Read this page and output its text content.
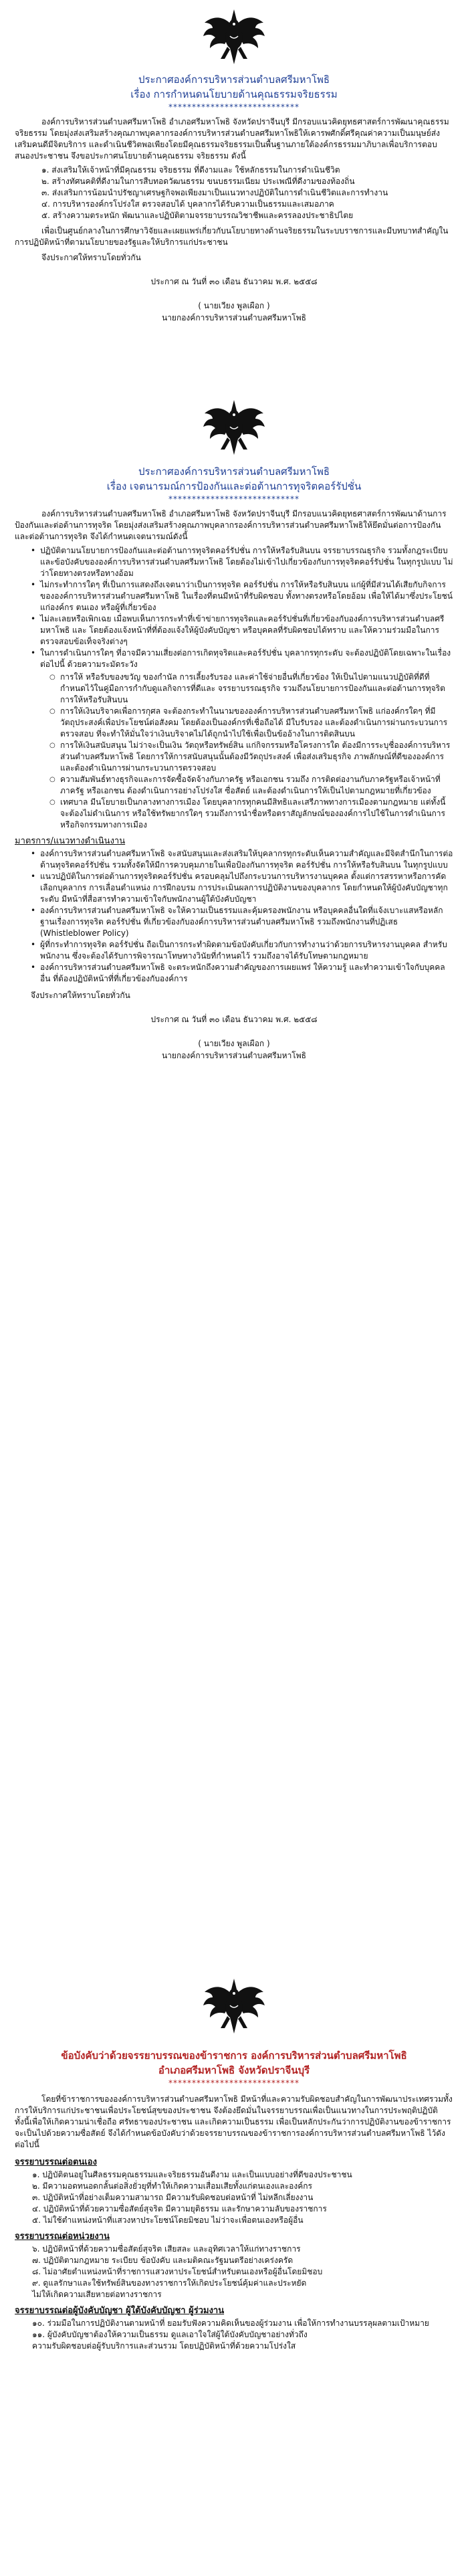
ประกาศองค์การบริหารส่วนตำบลศรีมหาโพธิ
เรื่อง การกำหนดนโยบายด้านคุณธรรมจริยธรรม
****************************

องค์การบริหารส่วนตำบลศรีมหาโพธิ อำเภอศรีมหาโพธิ จังหวัดปราจีนบุรี มีกรอบแนวคิดยุทธศาสตร์การพัฒนาคุณธรรม จริยธรรม โดยมุ่งส่งเสริมสร้างคุณภาพบุคลากรองค์การบริหารส่วนตำบลศรีมหาโพธิให้เคารพศักดิ์ศรีคุณค่าความเป็นมนุษย์ส่งเสริมคนดีมีจิตบริการ และดำเนินชีวิตพอเพียงโดยมีคุณธรรมจริยธรรมเป็นพื้นฐานภายใต้องค์กรธรรมมาภิบาลเพื่อบริการตอบสนองประชาชน จึงขอประกาศนโยบายด้านคุณธรรม จริยธรรม ดังนี้

๑. ส่งเสริมให้เจ้าหน้าที่มีคุณธรรม จริยธรรม ที่ดีงามและ ใช้หลักธรรมในการดำเนินชีวิต
๒. สร้างทัศนคติที่ดีงามในการสืบทอดวัฒนธรรม ขนบธรรมเนียม ประเพณีที่ดีงามของท้องถิ่น
๓. ส่งเสริมการน้อมนำปรัชญาเศรษฐกิจพอเพียงมาเป็นแนวทางปฏิบัติในการดำเนินชีวิตและการทำงาน
๔. การบริหารองค์กรโปร่งใส ตรวจสอบได้ บุคลากรได้รับความเป็นธรรมและเสมอภาค
๕. สร้างความตระหนัก พัฒนาและปฏิบัติตามจรรยาบรรณวิชาชีพและครรลองประชาธิปไตย

เพื่อเป็นศูนย์กลางในการศึกษาวิจัยและเผยแพร่เกี่ยวกับนโยบายทางด้านจริยธรรมในระบบราชการและมีบทบาทสำคัญในการปฏิบัติหน้าที่ตามนโยบายของรัฐและให้บริการแก่ประชาชน

จึงประกาศให้ทราบโดยทั่วกัน

ประกาศ ณ วันที่ ๓๐ เดือน ธันวาคม พ.ศ. ๒๕๕๘
( นายเวียง พูลเผือก )
นายกองค์การบริหารส่วนตำบลศรีมหาโพธิ
ประกาศองค์การบริหารส่วนตำบลศรีมหาโพธิ
เรื่อง เจตนารมณ์การป้องกันและต่อต้านการทุจริตคอร์รัปชั่น
****************************

องค์การบริหารส่วนตำบลศรีมหาโพธิ อำเภอศรีมหาโพธิ จังหวัดปราจีนบุรี มีกรอบแนวคิดยุทธศาสตร์การพัฒนาด้านการป้องกันและต่อต้านการทุจริต โดยมุ่งส่งเสริมสร้างคุณภาพบุคลากรองค์การบริหารส่วนตำบลศรีมหาโพธิให้ยึดมั่นต่อการป้องกันและต่อต้านการทุจริต จึงได้กำหนดเจตนารมณ์ดังนี้

• ปฏิบัติตามนโยบายการป้องกันและต่อต้านการทุจริตคอร์รัปชั่น การให้หรือรับสินบน จรรยาบรรณธุรกิจ รวมทั้งกฎระเบียบ และข้อบังคับขององค์การบริหารส่วนตำบลศรีมหาโพธิ โดยต้องไม่เข้าไปเกี่ยวข้องกับการทุจริตคอร์รัปชั่น ในทุกรูปแบบ ไม่ว่าโดยทางตรงหรือทางอ้อม
• ไม่กระทำการใดๆ ที่เป็นการแสดงถึงเจตนาว่าเป็นการทุจริต คอร์รัปชั่น การให้หรือรับสินบน แก่ผู้ที่มีส่วนได้เสียกับกิจการขององค์การบริหารส่วนตำบลศรีมหาโพธิ ในเรื่องที่ตนมีหน้าที่รับผิดชอบ ทั้งทางตรงหรือโดยอ้อม เพื่อให้ได้มาซึ่งประโยชน์แก่องค์กร ตนเอง หรือผู้ที่เกี่ยวข้อง
• ไม่ละเลยหรือเพิกเฉย เมื่อพบเห็นการกระทำที่เข้าข่ายการทุจริตและคอร์รัปชั่นที่เกี่ยวข้องกับองค์การบริหารส่วนตำบลศรีมหาโพธิ และ โดยต้องแจ้งหน้าที่ที่ต้องแจ้งให้ผู้บังคับบัญชา หรือบุคคลที่รับผิดชอบได้ทราบ และให้ความร่วมมือในการตรวจสอบข้อเท็จจริงต่างๆ
• ในการดำเนินการใดๆ ที่อาจมีความเสี่ยงต่อการเกิดทุจริตและคอร์รัปชั่น บุคลากรทุกระดับ จะต้องปฏิบัติโดยเฉพาะในเรื่องต่อไปนี้ ด้วยความระมัดระวัง
○ การให้ หรือรับของขวัญ ของกำนัล การเลี้ยงรับรอง และค่าใช้จ่ายอื่นที่เกี่ยวข้อง ให้เป็นไปตามแนวปฏิบัติที่ดีที่กำหนดไว้ในคู่มือการกำกับดูแลกิจการที่ดีและ จรรยาบรรณธุรกิจ รวมถึงนโยบายการป้องกันและต่อต้านการทุจริต การให้หรือรับสินบน
○ การให้เงินบริจาคเพื่อการกุศล จะต้องกระทำในนามขององค์การบริหารส่วนตำบลศรีมหาโพธิ แก่องค์กรใดๆ ที่มีวัตถุประสงค์เพื่อประโยชน์ต่อสังคม โดยต้องเป็นองค์กรที่เชื่อถือได้ มีใบรับรอง และต้องดำเนินการผ่านกระบวนการตรวจสอบ ที่จะทำให้มั่นใจว่าเงินบริจาคไม่ได้ถูกนำไปใช้เพื่อเป็นข้ออ้างในการติดสินบน
○ การให้เงินสนับสนุน ไม่ว่าจะเป็นเงิน วัตถุหรือทรัพย์สิน แก่กิจกรรมหรือโครงการใด ต้องมีการระบุชื่อองค์การบริหารส่วนตำบลศรีมหาโพธิ โดยการให้การสนับสนุนนั้นต้องมีวัตถุประสงค์ เพื่อส่งเสริมธุรกิจ ภาพลักษณ์ที่ดีขององค์การและต้องดำเนินการผ่านกระบวนการตรวจสอบ
○ ความสัมพันธ์ทางธุรกิจและการจัดซื้อจัดจ้างกับภาครัฐ หรือเอกชน รวมถึง การติดต่องานกับภาครัฐหรือเจ้าหน้าที่ภาครัฐ หรือเอกชน ต้องดำเนินการอย่างโปร่งใส ซื่อสัตย์ และต้องดำเนินการให้เป็นไปตามกฎหมายที่เกี่ยวข้อง
○ เทศบาล มีนโยบายเป็นกลางทางการเมือง โดยบุคลากรทุกคนมีสิทธิและเสรีภาพทางการเมืองตามกฎหมาย แต่ทั้งนี้จะต้องไม่ดำเนินการ หรือใช้ทรัพยากรใดๆ รวมถึงการนำชื่อหรือตราสัญลักษณ์ขององค์การไปใช้ในการดำเนินการหรือกิจกรรมทางการเมือง

มาตรการ/แนวทางดำเนินงาน

• องค์การบริหารส่วนตำบลศรีมหาโพธิ จะสนับสนุนและส่งเสริมให้บุคลากรทุกระดับเห็นความสำคัญและมีจิตสำนึกในการต่อต้านทุจริตคอร์รัปชั่น รวมทั้งจัดให้มีการควบคุมภายในเพื่อป้องกันการทุจริต คอร์รัปชั่น การให้หรือรับสินบน ในทุกรูปแบบ
• แนวปฏิบัติในการต่อต้านการทุจริตคอร์รัปชั่น ครอบคลุมไปถึงกระบวนการบริหารงานบุคคล ตั้งแต่การสรรหาหรือการคัดเลือกบุคลากร การเลื่อนตำแหน่ง การฝึกอบรม การประเมินผลการปฏิบัติงานของบุคลากร โดยกำหนดให้ผู้บังคับบัญชาทุกระดับ มีหน้าที่สื่อสารทำความเข้าใจกับพนักงานผู้ใต้บังคับบัญชา
• องค์การบริหารส่วนตำบลศรีมหาโพธิ จะให้ความเป็นธรรมและคุ้มครองพนักงาน หรือบุคคลอื่นใดที่แจ้งเบาะแสหรือหลักฐานเรื่องการทุจริต คอร์รัปชั่น ที่เกี่ยวข้องกับองค์การบริหารส่วนตำบลศรีมหาโพธิ รวมถึงพนักงานที่ปฏิเสธ (Whistleblower Policy)
• ผู้ที่กระทำการทุจริต คอร์รัปชั่น ถือเป็นการกระทำผิดตามข้อบังคับเกี่ยวกับการทำงานว่าด้วยการบริหารงานบุคคล สำหรับพนักงาน ซึ่งจะต้องได้รับการพิจารณาโทษทางวินัยที่กำหนดไว้ รวมถึงอาจได้รับโทษตามกฎหมาย
• องค์การบริหารส่วนตำบลศรีมหาโพธิ จะตระหนักถึงความสำคัญของการเผยแพร่ ให้ความรู้ และทำความเข้าใจกับบุคคลอื่น ที่ต้องปฏิบัติหน้าที่ที่เกี่ยวข้องกับองค์การ

จึงประกาศให้ทราบโดยทั่วกัน

ประกาศ ณ วันที่ ๓๐ เดือน ธันวาคม พ.ศ. ๒๕๕๘
( นายเวียง พูลเผือก )
นายกองค์การบริหารส่วนตำบลศรีมหาโพธิ
ข้อบังคับว่าด้วยจรรยาบรรณของข้าราชการ องค์การบริหารส่วนตำบลศรีมหาโพธิ
อำเภอศรีมหาโพธิ จังหวัดปราจีนบุรี
****************************

โดยที่ข้าราชการขององค์การบริหารส่วนตำบลศรีมหาโพธิ มีหน้าที่และความรับผิดชอบสำคัญในการพัฒนาประเทศรวมทั้งการให้บริการแก่ประชาชนเพื่อประโยชน์สุขของประชาชน จึงต้องยึดมั่นในจรรยาบรรณเพื่อเป็นแนวทางในการประพฤติปฏิบัติ ทั้งนี้เพื่อให้เกิดความน่าเชื่อถือ ศรัทธาของประชาชน และเกิดความเป็นธรรม เพื่อเป็นหลักประกันว่าการปฏิบัติงานของข้าราชการจะเป็นไปด้วยความซื่อสัตย์ จึงได้กำหนดข้อบังคับว่าด้วยจรรยาบรรณของข้าราชการองค์การบริหารส่วนตำบลศรีมหาโพธิ ไว้ดังต่อไปนี้

จรรยาบรรณต่อตนเอง

๑. ปฏิบัติตนอยู่ในศีลธรรมคุณธรรมและจริยธรรมอันดีงาม และเป็นแบบอย่างที่ดีของประชาชน
๒. มีความอดทนอดกลั้นต่อสิ่งยั่วยุที่ทำให้เกิดความเสื่อมเสียทั้งแก่ตนเองและองค์กร
๓. ปฏิบัติหน้าที่อย่างเต็มความสามารถ มีความรับผิดชอบต่อหน้าที่ ไม่หลีกเลี่ยงงาน
๔. ปฏิบัติหน้าที่ด้วยความซื่อสัตย์สุจริต มีความยุติธรรม และรักษาความลับของราชการ
๕. ไม่ใช้ตำแหน่งหน้าที่แสวงหาประโยชน์โดยมิชอบ ไม่ว่าจะเพื่อตนเองหรือผู้อื่น

จรรยาบรรณต่อหน่วยงาน

๖. ปฏิบัติหน้าที่ด้วยความซื่อสัตย์สุจริต เสียสละ และอุทิศเวลาให้แก่ทางราชการ
๗. ปฏิบัติตามกฎหมาย ระเบียบ ข้อบังคับ และมติคณะรัฐมนตรีอย่างเคร่งครัด
๘. ไม่อาศัยตำแหน่งหน้าที่ราชการแสวงหาประโยชน์สำหรับตนเองหรือผู้อื่นโดยมิชอบ
๙. ดูแลรักษาและใช้ทรัพย์สินของทางราชการให้เกิดประโยชน์คุ้มค่าและประหยัด

ไม่ให้เกิดความเสียหายต่อทางราชการ

จรรยาบรรณต่อผู้บังคับบัญชา ผู้ใต้บังคับบัญชา ผู้ร่วมงาน

๑๐. ร่วมมือในการปฏิบัติงานตามหน้าที่ ยอมรับฟังความคิดเห็นของผู้ร่วมงาน เพื่อให้การทำงานบรรลุผลตามเป้าหมาย
๑๑. ผู้บังคับบัญชาต้องให้ความเป็นธรรม ดูแลเอาใจใส่ผู้ใต้บังคับบัญชาอย่างทั่วถึง
ความรับผิดชอบต่อผู้รับบริการและส่วนรวม โดยปฏิบัติหน้าที่ด้วยความโปร่งใส
